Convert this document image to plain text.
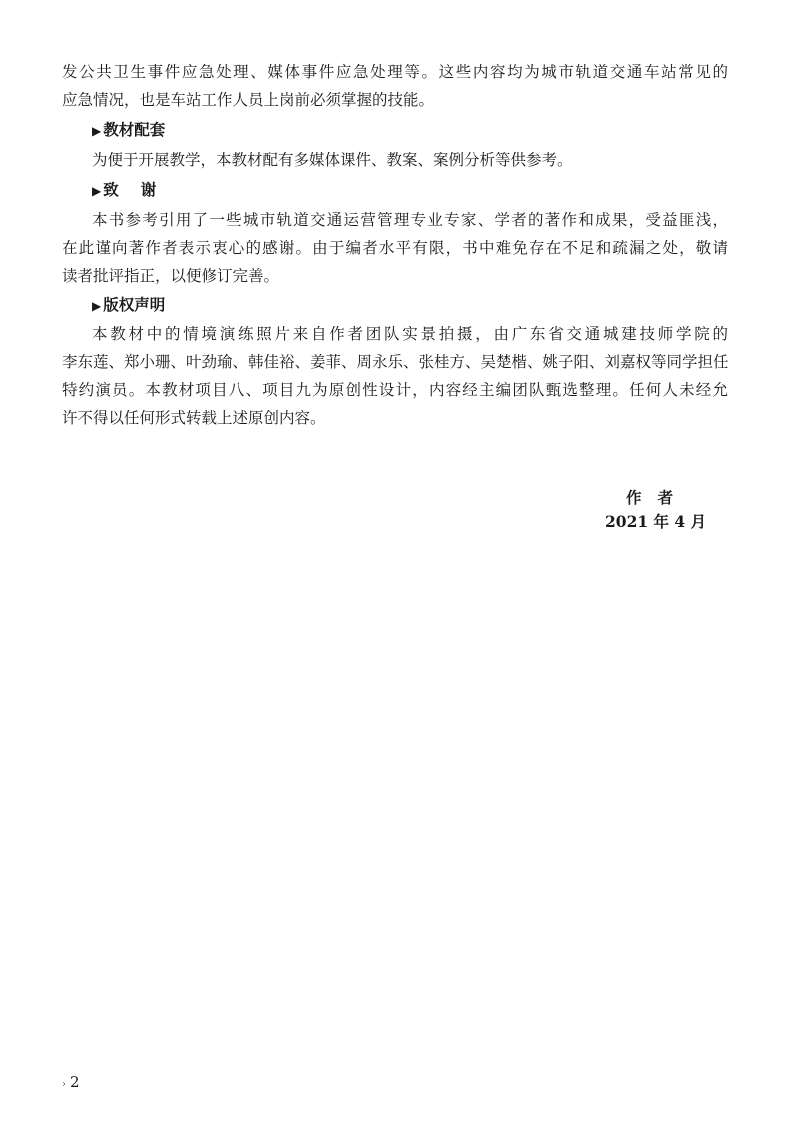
发公共卫生事件应急处理、媒体事件应急处理等。这些内容均为城市轨道交通车站常见的
应急情况，也是车站工作人员上岗前必须掌握的技能。
▶ 教材配套
为便于开展教学，本教材配有多媒体课件、教案、案例分析等供参考。
▶ 致谢
本书参考引用了一些城市轨道交通运营管理专业专家、学者的著作和成果，受益匪浅，
在此谨向著作者表示衷心的感谢。由于编者水平有限，书中难免存在不足和疏漏之处，敬请
读者批评指正，以便修订完善。
▶ 版权声明
本教材中的情境演练照片来自作者团队实景拍摄，由广东省交通城建技师学院的
李东莲、郑小珊、叶劲瑜、韩佳裕、姜菲、周永乐、张桂方、吴楚楷、姚子阳、刘嘉权等同学担任
特约演员。本教材项目八、项目九为原创性设计，内容经主编团队甄选整理。任何人未经允
许不得以任何形式转载上述原创内容。
作者
2021 年 4 月
› 2
